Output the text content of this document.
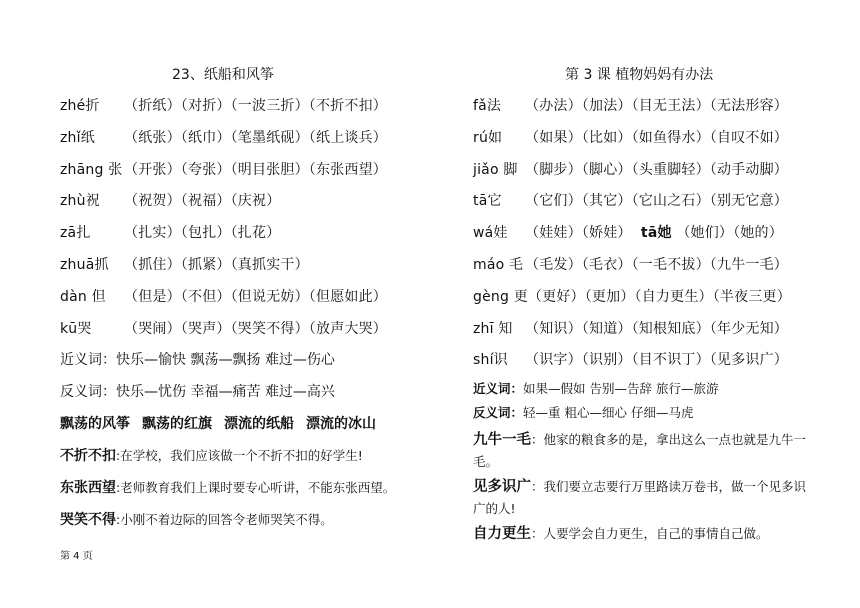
23、纸船和风筝	第 3 课 植物妈妈有办法
zhé折 （折纸）（对折）（一波三折）（不折不扣）
zhǐ纸 （纸张）（纸巾）（笔墨纸砚）（纸上谈兵）
zhāng 张 （开张）（夸张）（明目张胆）（东张西望）
zhù祝 （祝贺）（祝福）（庆祝）
zā扎 （扎实）（包扎）（扎花）
zhuā抓 （抓住）（抓紧）（真抓实干）
dàn 但 （但是）（不但）（但说无妨）（但愿如此）
kū哭 （哭闹）（哭声）（哭笑不得）（放声大哭）
近义词：快乐—愉快 飘荡—飘扬 难过—伤心
反义词：快乐—忧伤 幸福—痛苦 难过—高兴
飘荡的风筝 飘荡的红旗 漂流的纸船 漂流的冰山
不折不扣:在学校，我们应该做一个不折不扣的好学生!
东张西望:老师教育我们上课时要专心听讲，不能东张西望。
哭笑不得:小刚不着边际的回答令老师哭笑不得。
fǎ法 （办法）（加法）（目无王法）（无法形容）
rú如 （如果）（比如）（如鱼得水）（自叹不如）
jiǎo 脚 （脚步）（脚心）（头重脚轻）（动手动脚）
tā它 （它们）（其它）（它山之石）（别无它意）
wá娃 （娃娃）（娇娃） tā她 （她们）（她的）
máo 毛 （毛发）（毛衣）（一毛不拔）（九牛一毛）
gèng 更（更好）（更加）（自力更生）（半夜三更）
zhī 知 （知识）（知道）（知根知底）（年少无知）
shí识 （识字）（识别）（目不识丁）（见多识广）
近义词：如果—假如 告别—告辞 旅行—旅游
反义词：轻—重 粗心—细心 仔细—马虎
九牛一毛：他家的粮食多的是，拿出这么一点也就是九牛一毛。
见多识广：我们要立志要行万里路读万卷书，做一个见多识广的人!
自力更生：人要学会自力更生，自己的事情自己做。
第 4 页
